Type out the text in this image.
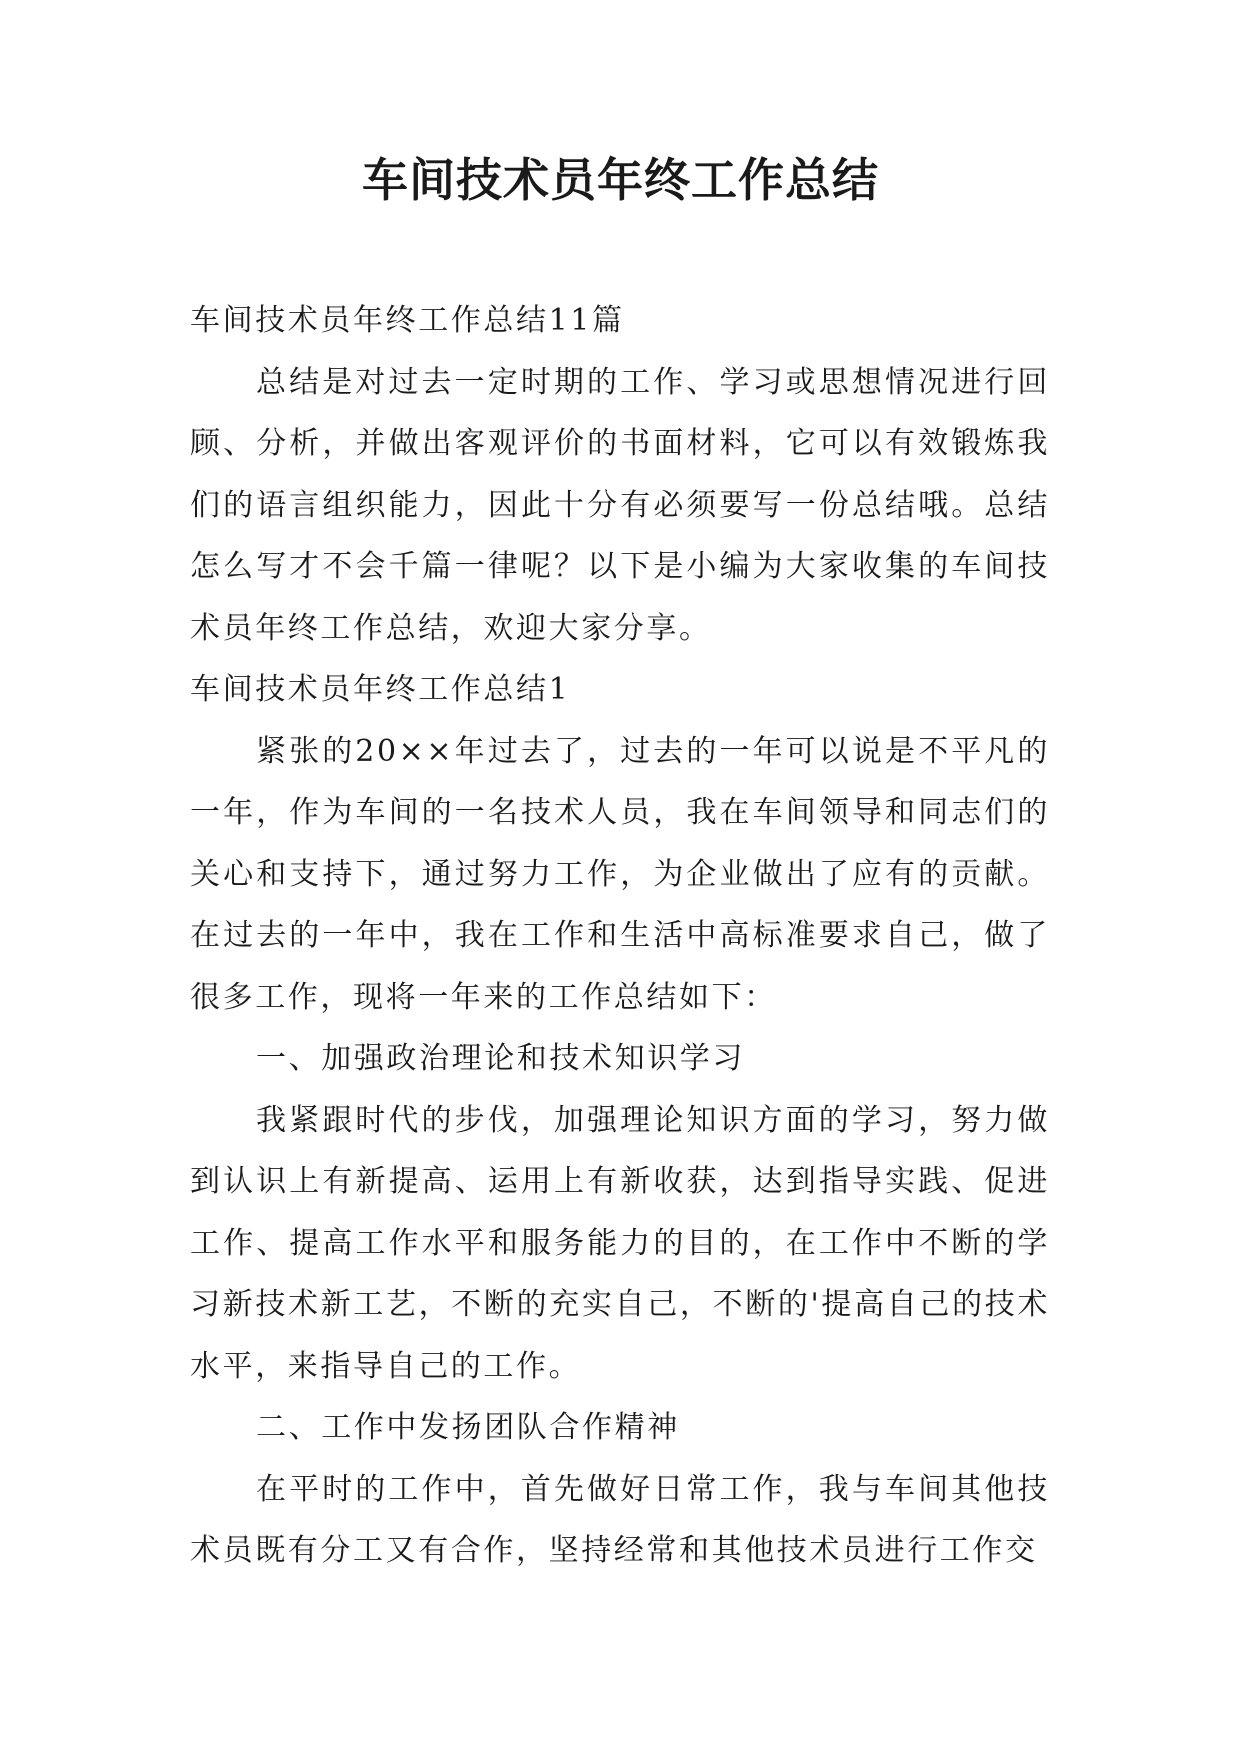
车间技术员年终工作总结

车间技术员年终工作总结11篇

总结是对过去一定时期的工作、学习或思想情况进行回顾、分析，并做出客观评价的书面材料，它可以有效锻炼我们的语言组织能力，因此十分有必须要写一份总结哦。总结怎么写才不会千篇一律呢？以下是小编为大家收集的车间技术员年终工作总结，欢迎大家分享。

车间技术员年终工作总结1

紧张的20××年过去了，过去的一年可以说是不平凡的一年，作为车间的一名技术人员，我在车间领导和同志们的关心和支持下，通过努力工作，为企业做出了应有的贡献。在过去的一年中，我在工作和生活中高标准要求自己，做了很多工作，现将一年来的工作总结如下：

一、加强政治理论和技术知识学习

我紧跟时代的步伐，加强理论知识方面的学习，努力做到认识上有新提高、运用上有新收获，达到指导实践、促进工作、提高工作水平和服务能力的目的，在工作中不断的学习新技术新工艺，不断的充实自己，不断的'提高自己的技术水平，来指导自己的工作。

二、工作中发扬团队合作精神

在平时的工作中，首先做好日常工作，我与车间其他技术员既有分工又有合作，坚持经常和其他技术员进行工作交
